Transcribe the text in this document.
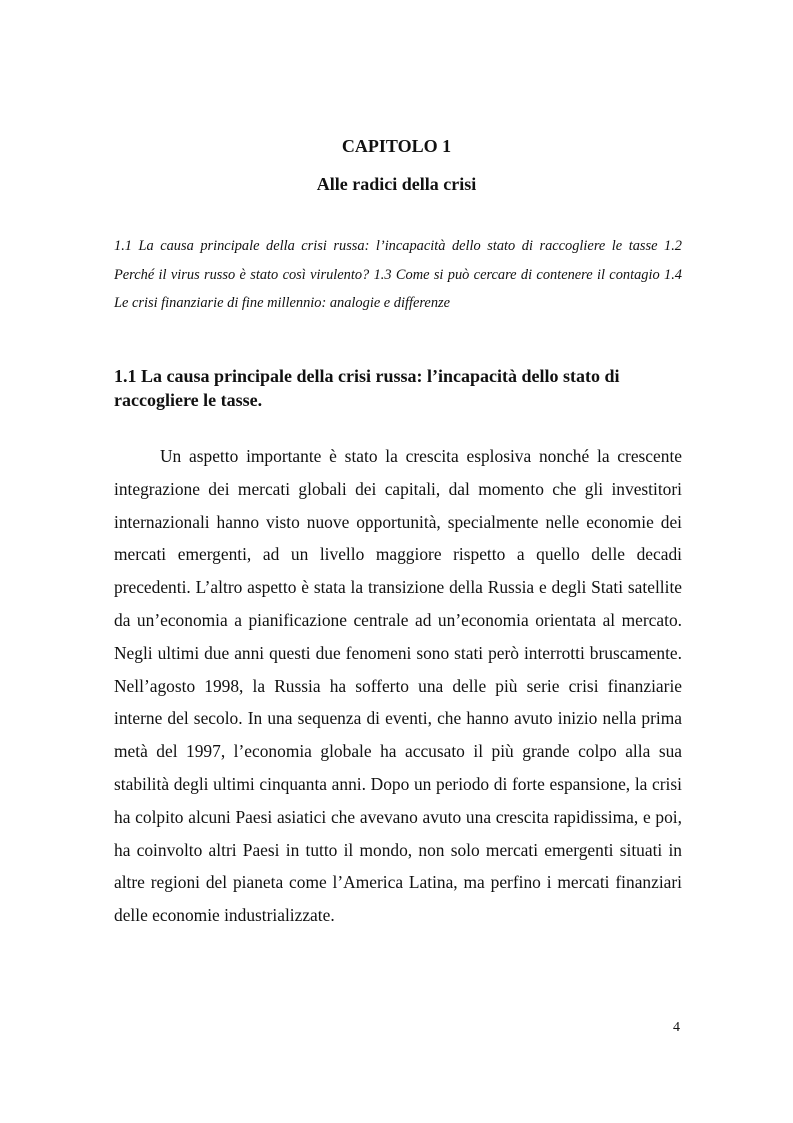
CAPITOLO 1
Alle radici della crisi

1.1 La causa principale della crisi russa: l’incapacità dello stato di raccogliere le tasse 1.2 Perché il virus russo è stato così virulento? 1.3 Come si può cercare di contenere il contagio 1.4 Le crisi finanziarie di fine millennio: analogie e differenze

1.1 La causa principale della crisi russa: l’incapacità dello stato di raccogliere le tasse.

Un aspetto importante è stato la crescita esplosiva nonché la crescente integrazione dei mercati globali dei capitali, dal momento che gli investitori internazionali hanno visto nuove opportunità, specialmente nelle economie dei mercati emergenti, ad un livello maggiore rispetto a quello delle decadi precedenti. L’altro aspetto è stata la transizione della Russia e degli Stati satellite da un’economia a pianificazione centrale ad un’economia orientata al mercato. Negli ultimi due anni questi due fenomeni sono stati però interrotti bruscamente. Nell’agosto 1998, la Russia ha sofferto una delle più serie crisi finanziarie interne del secolo. In una sequenza di eventi, che hanno avuto inizio nella prima metà del 1997, l’economia globale ha accusato il più grande colpo alla sua stabilità degli ultimi cinquanta anni. Dopo un periodo di forte espansione, la crisi ha colpito alcuni Paesi asiatici che avevano avuto una crescita rapidissima, e poi, ha coinvolto altri Paesi in tutto il mondo, non solo mercati emergenti situati in altre regioni del pianeta come l’America Latina, ma perfino i mercati finanziari delle economie industrializzate.

4
